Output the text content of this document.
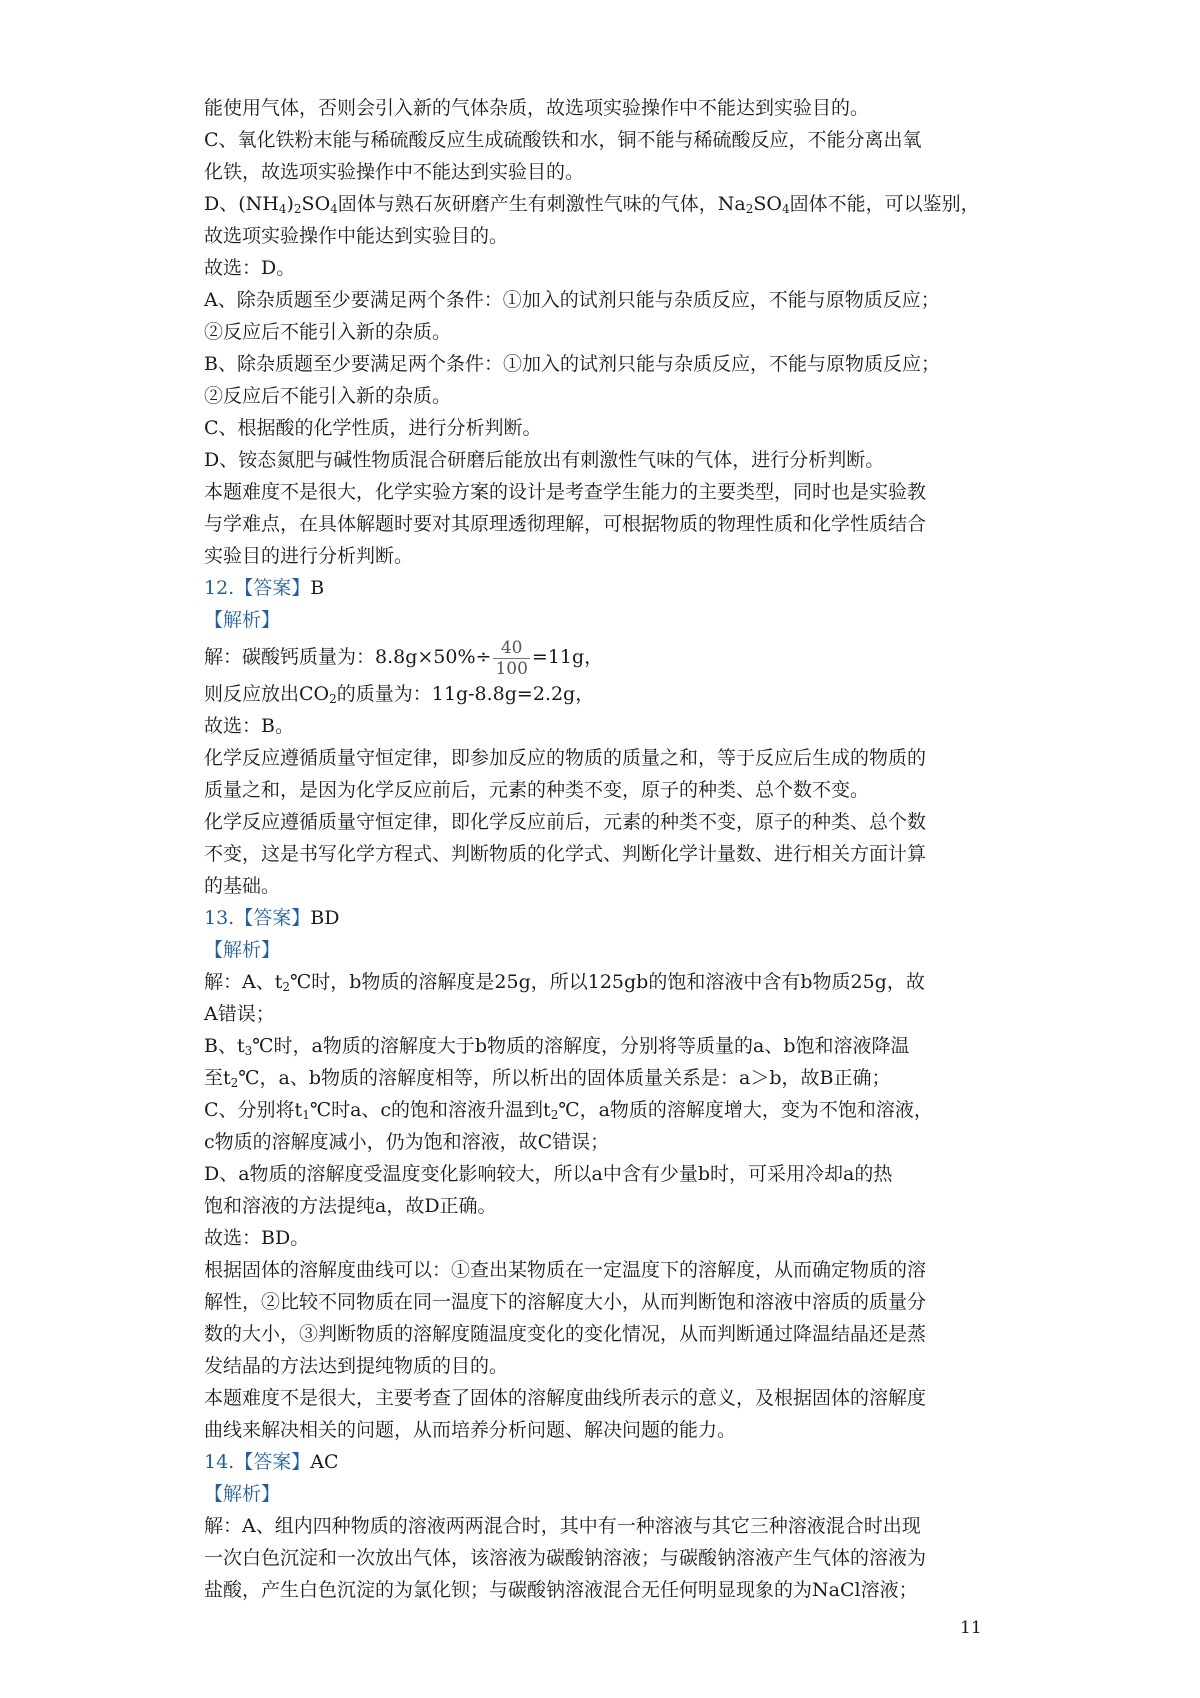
能使用气体，否则会引入新的气体杂质，故选项实验操作中不能达到实验目的。
C、氧化铁粉末能与稀硫酸反应生成硫酸铁和水，铜不能与稀硫酸反应，不能分离出氧
化铁，故选项实验操作中不能达到实验目的。
D、$(NH_4)_2SO_4$固体与熟石灰研磨产生有刺激性气味的气体，$Na_2SO_4$固体不能，可以鉴别，
故选项实验操作中能达到实验目的。
故选：D。
A、除杂质题至少要满足两个条件：①加入的试剂只能与杂质反应，不能与原物质反应；
②反应后不能引入新的杂质。
B、除杂质题至少要满足两个条件：①加入的试剂只能与杂质反应，不能与原物质反应；
②反应后不能引入新的杂质。
C、根据酸的化学性质，进行分析判断。
D、铵态氮肥与碱性物质混合研磨后能放出有刺激性气味的气体，进行分析判断。
本题难度不是很大，化学实验方案的设计是考查学生能力的主要类型，同时也是实验教
与学难点，在具体解题时要对其原理透彻理解，可根据物质的物理性质和化学性质结合
实验目的进行分析判断。
12.【答案】B
【解析】
解：碳酸钙质量为：$8.8g\times 50\%\div \frac{40}{100} =11g$，
则反应放出$CO_2$的质量为：11g-8.8g=2.2g，
故选：B。
化学反应遵循质量守恒定律，即参加反应的物质的质量之和，等于反应后生成的物质的
质量之和，是因为化学反应前后，元素的种类不变，原子的种类、总个数不变。
化学反应遵循质量守恒定律，即化学反应前后，元素的种类不变，原子的种类、总个数
不变，这是书写化学方程式、判断物质的化学式、判断化学计量数、进行相关方面计算
的基础。
13.【答案】BD
【解析】
解：A、$t_2℃$时，b物质的溶解度是25g，所以125gb的饱和溶液中含有b物质25g，故
A错误；
B、$t_3℃$时，a物质的溶解度大于b物质的溶解度，分别将等质量的a、b饱和溶液降温
至$t_2℃$，a、b物质的溶解度相等，所以析出的固体质量关系是：a＞b，故B正确；
C、分别将$t_1℃$时a、c的饱和溶液升温到$t_2℃$，a物质的溶解度增大，变为不饱和溶液，
c物质的溶解度减小，仍为饱和溶液，故C错误；
D、a物质的溶解度受温度变化影响较大，所以a中含有少量b时，可采用冷却a的热
饱和溶液的方法提纯a，故D正确。
故选：BD。
根据固体的溶解度曲线可以：①查出某物质在一定温度下的溶解度，从而确定物质的溶
解性，②比较不同物质在同一温度下的溶解度大小，从而判断饱和溶液中溶质的质量分
数的大小，③判断物质的溶解度随温度变化的变化情况，从而判断通过降温结晶还是蒸
发结晶的方法达到提纯物质的目的。
本题难度不是很大，主要考查了固体的溶解度曲线所表示的意义，及根据固体的溶解度
曲线来解决相关的问题，从而培养分析问题、解决问题的能力。
14.【答案】AC
【解析】
解：A、组内四种物质的溶液两两混合时，其中有一种溶液与其它三种溶液混合时出现
一次白色沉淀和一次放出气体，该溶液为碳酸钠溶液；与碳酸钠溶液产生气体的溶液为
盐酸，产生白色沉淀的为氯化钡；与碳酸钠溶液混合无任何明显现象的为NaCl溶液；
11
